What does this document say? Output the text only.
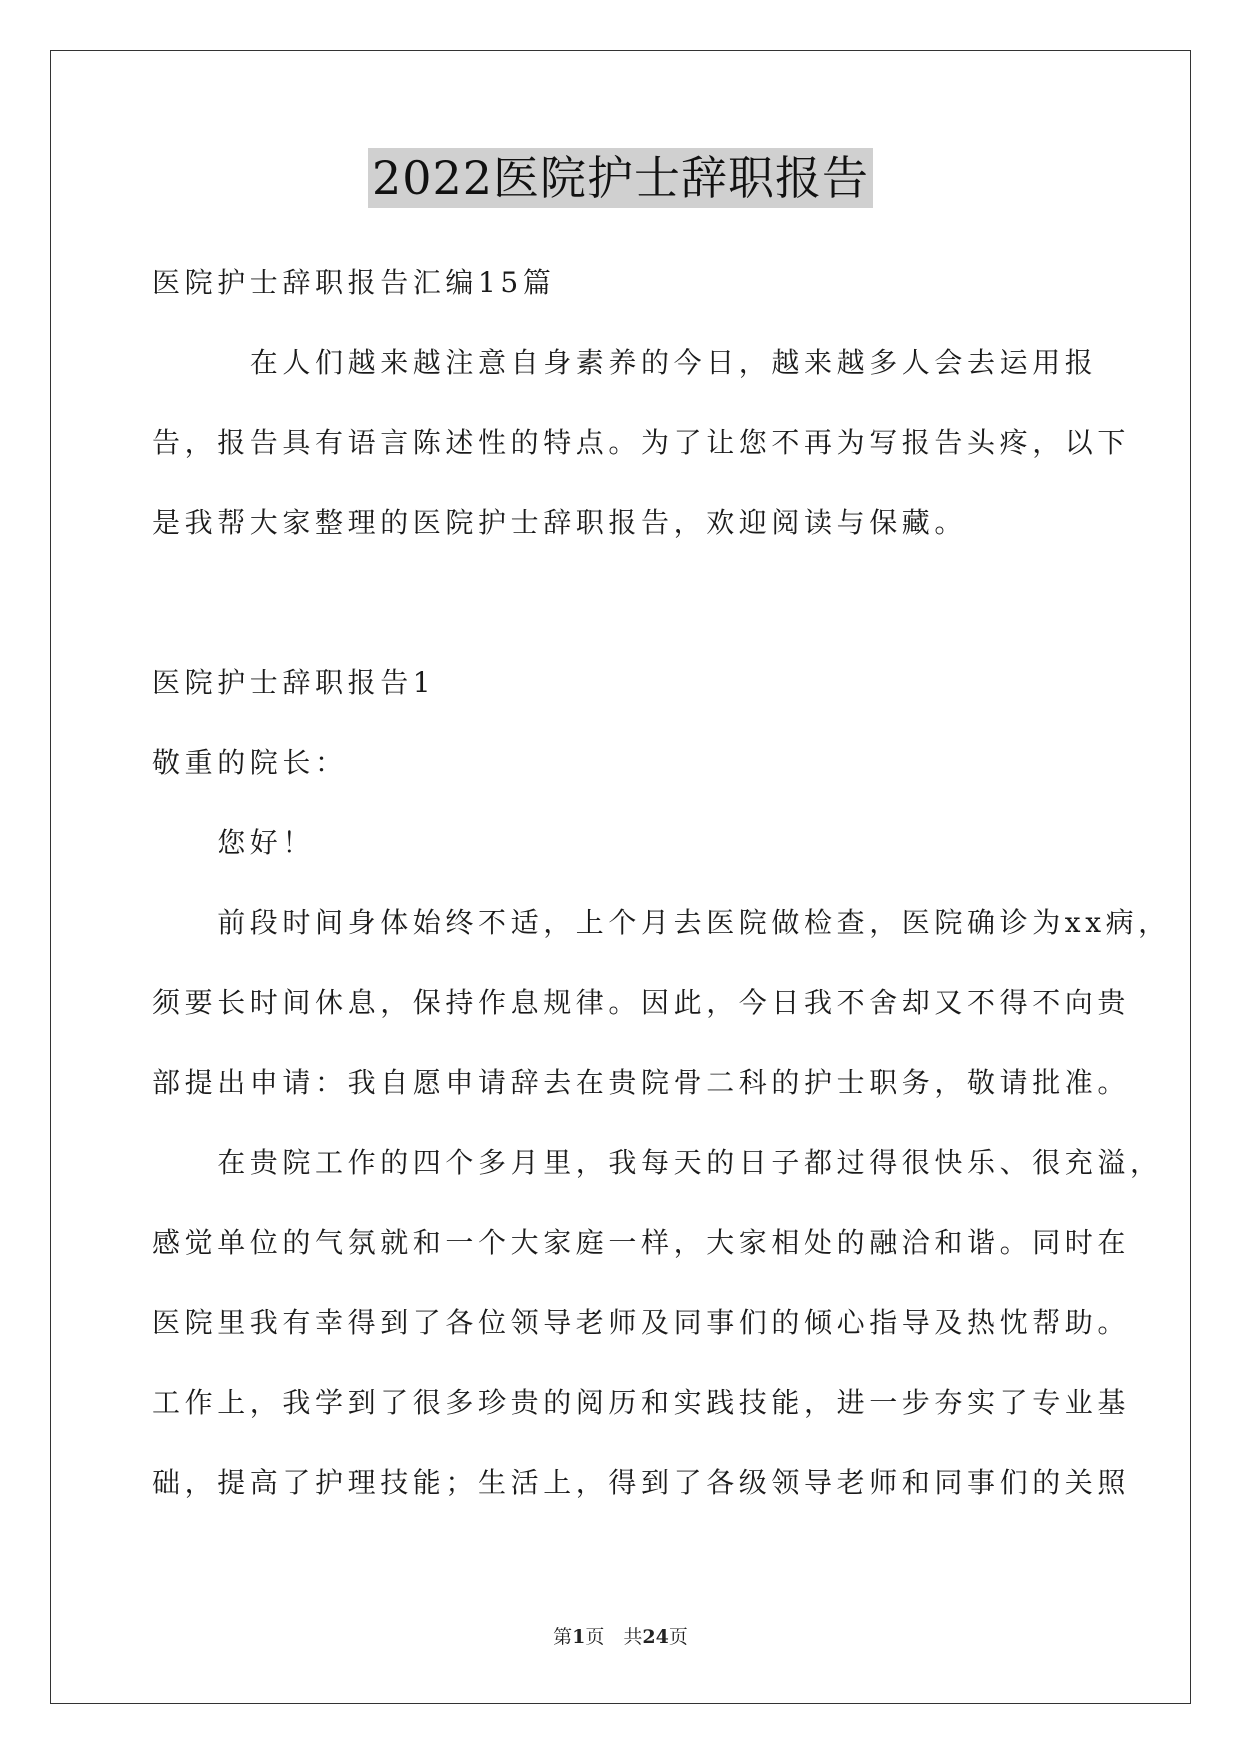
2022医院护士辞职报告
医院护士辞职报告汇编15篇
　　　在人们越来越注意自身素养的今日，越来越多人会去运用报
告，报告具有语言陈述性的特点。为了让您不再为写报告头疼，以下
是我帮大家整理的医院护士辞职报告，欢迎阅读与保藏。
医院护士辞职报告1
敬重的院长：
　　您好！
　　前段时间身体始终不适，上个月去医院做检查，医院确诊为xx病，
须要长时间休息，保持作息规律。因此，今日我不舍却又不得不向贵
部提出申请：我自愿申请辞去在贵院骨二科的护士职务，敬请批准。
　　在贵院工作的四个多月里，我每天的日子都过得很快乐、很充溢，
感觉单位的气氛就和一个大家庭一样，大家相处的融洽和谐。同时在
医院里我有幸得到了各位领导老师及同事们的倾心指导及热忱帮助。
工作上，我学到了很多珍贵的阅历和实践技能，进一步夯实了专业基
础，提高了护理技能；生活上，得到了各级领导老师和同事们的关照
第1页　共24页
